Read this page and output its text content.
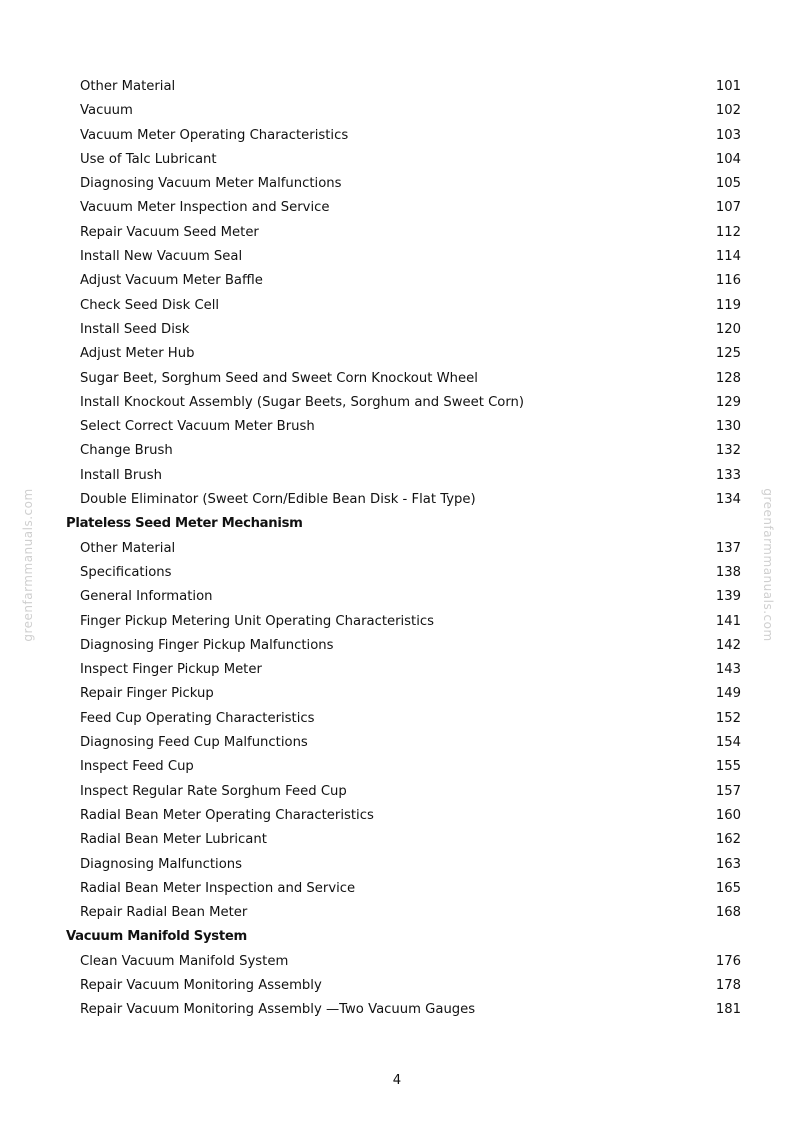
Other Material	101
Vacuum	102
Vacuum Meter Operating Characteristics	103
Use of Talc Lubricant	104
Diagnosing Vacuum Meter Malfunctions	105
Vacuum Meter Inspection and Service	107
Repair Vacuum Seed Meter	112
Install New Vacuum Seal	114
Adjust Vacuum Meter Baffle	116
Check Seed Disk Cell	119
Install Seed Disk	120
Adjust Meter Hub	125
Sugar Beet, Sorghum Seed and Sweet Corn Knockout Wheel	128
Install Knockout Assembly (Sugar Beets, Sorghum and Sweet Corn)	129
Select Correct Vacuum Meter Brush	130
Change Brush	132
Install Brush	133
Double Eliminator (Sweet Corn/Edible Bean Disk - Flat Type)	134
Plateless Seed Meter Mechanism
Other Material	137
Specifications	138
General Information	139
Finger Pickup Metering Unit Operating Characteristics	141
Diagnosing Finger Pickup Malfunctions	142
Inspect Finger Pickup Meter	143
Repair Finger Pickup	149
Feed Cup Operating Characteristics	152
Diagnosing Feed Cup Malfunctions	154
Inspect Feed Cup	155
Inspect Regular Rate Sorghum Feed Cup	157
Radial Bean Meter Operating Characteristics	160
Radial Bean Meter Lubricant	162
Diagnosing Malfunctions	163
Radial Bean Meter Inspection and Service	165
Repair Radial Bean Meter	168
Vacuum Manifold System
Clean Vacuum Manifold System	176
Repair Vacuum Monitoring Assembly	178
Repair Vacuum Monitoring Assembly —Two Vacuum Gauges	181
greenfarmmanuals.com	greenfarmmanuals.com
4
